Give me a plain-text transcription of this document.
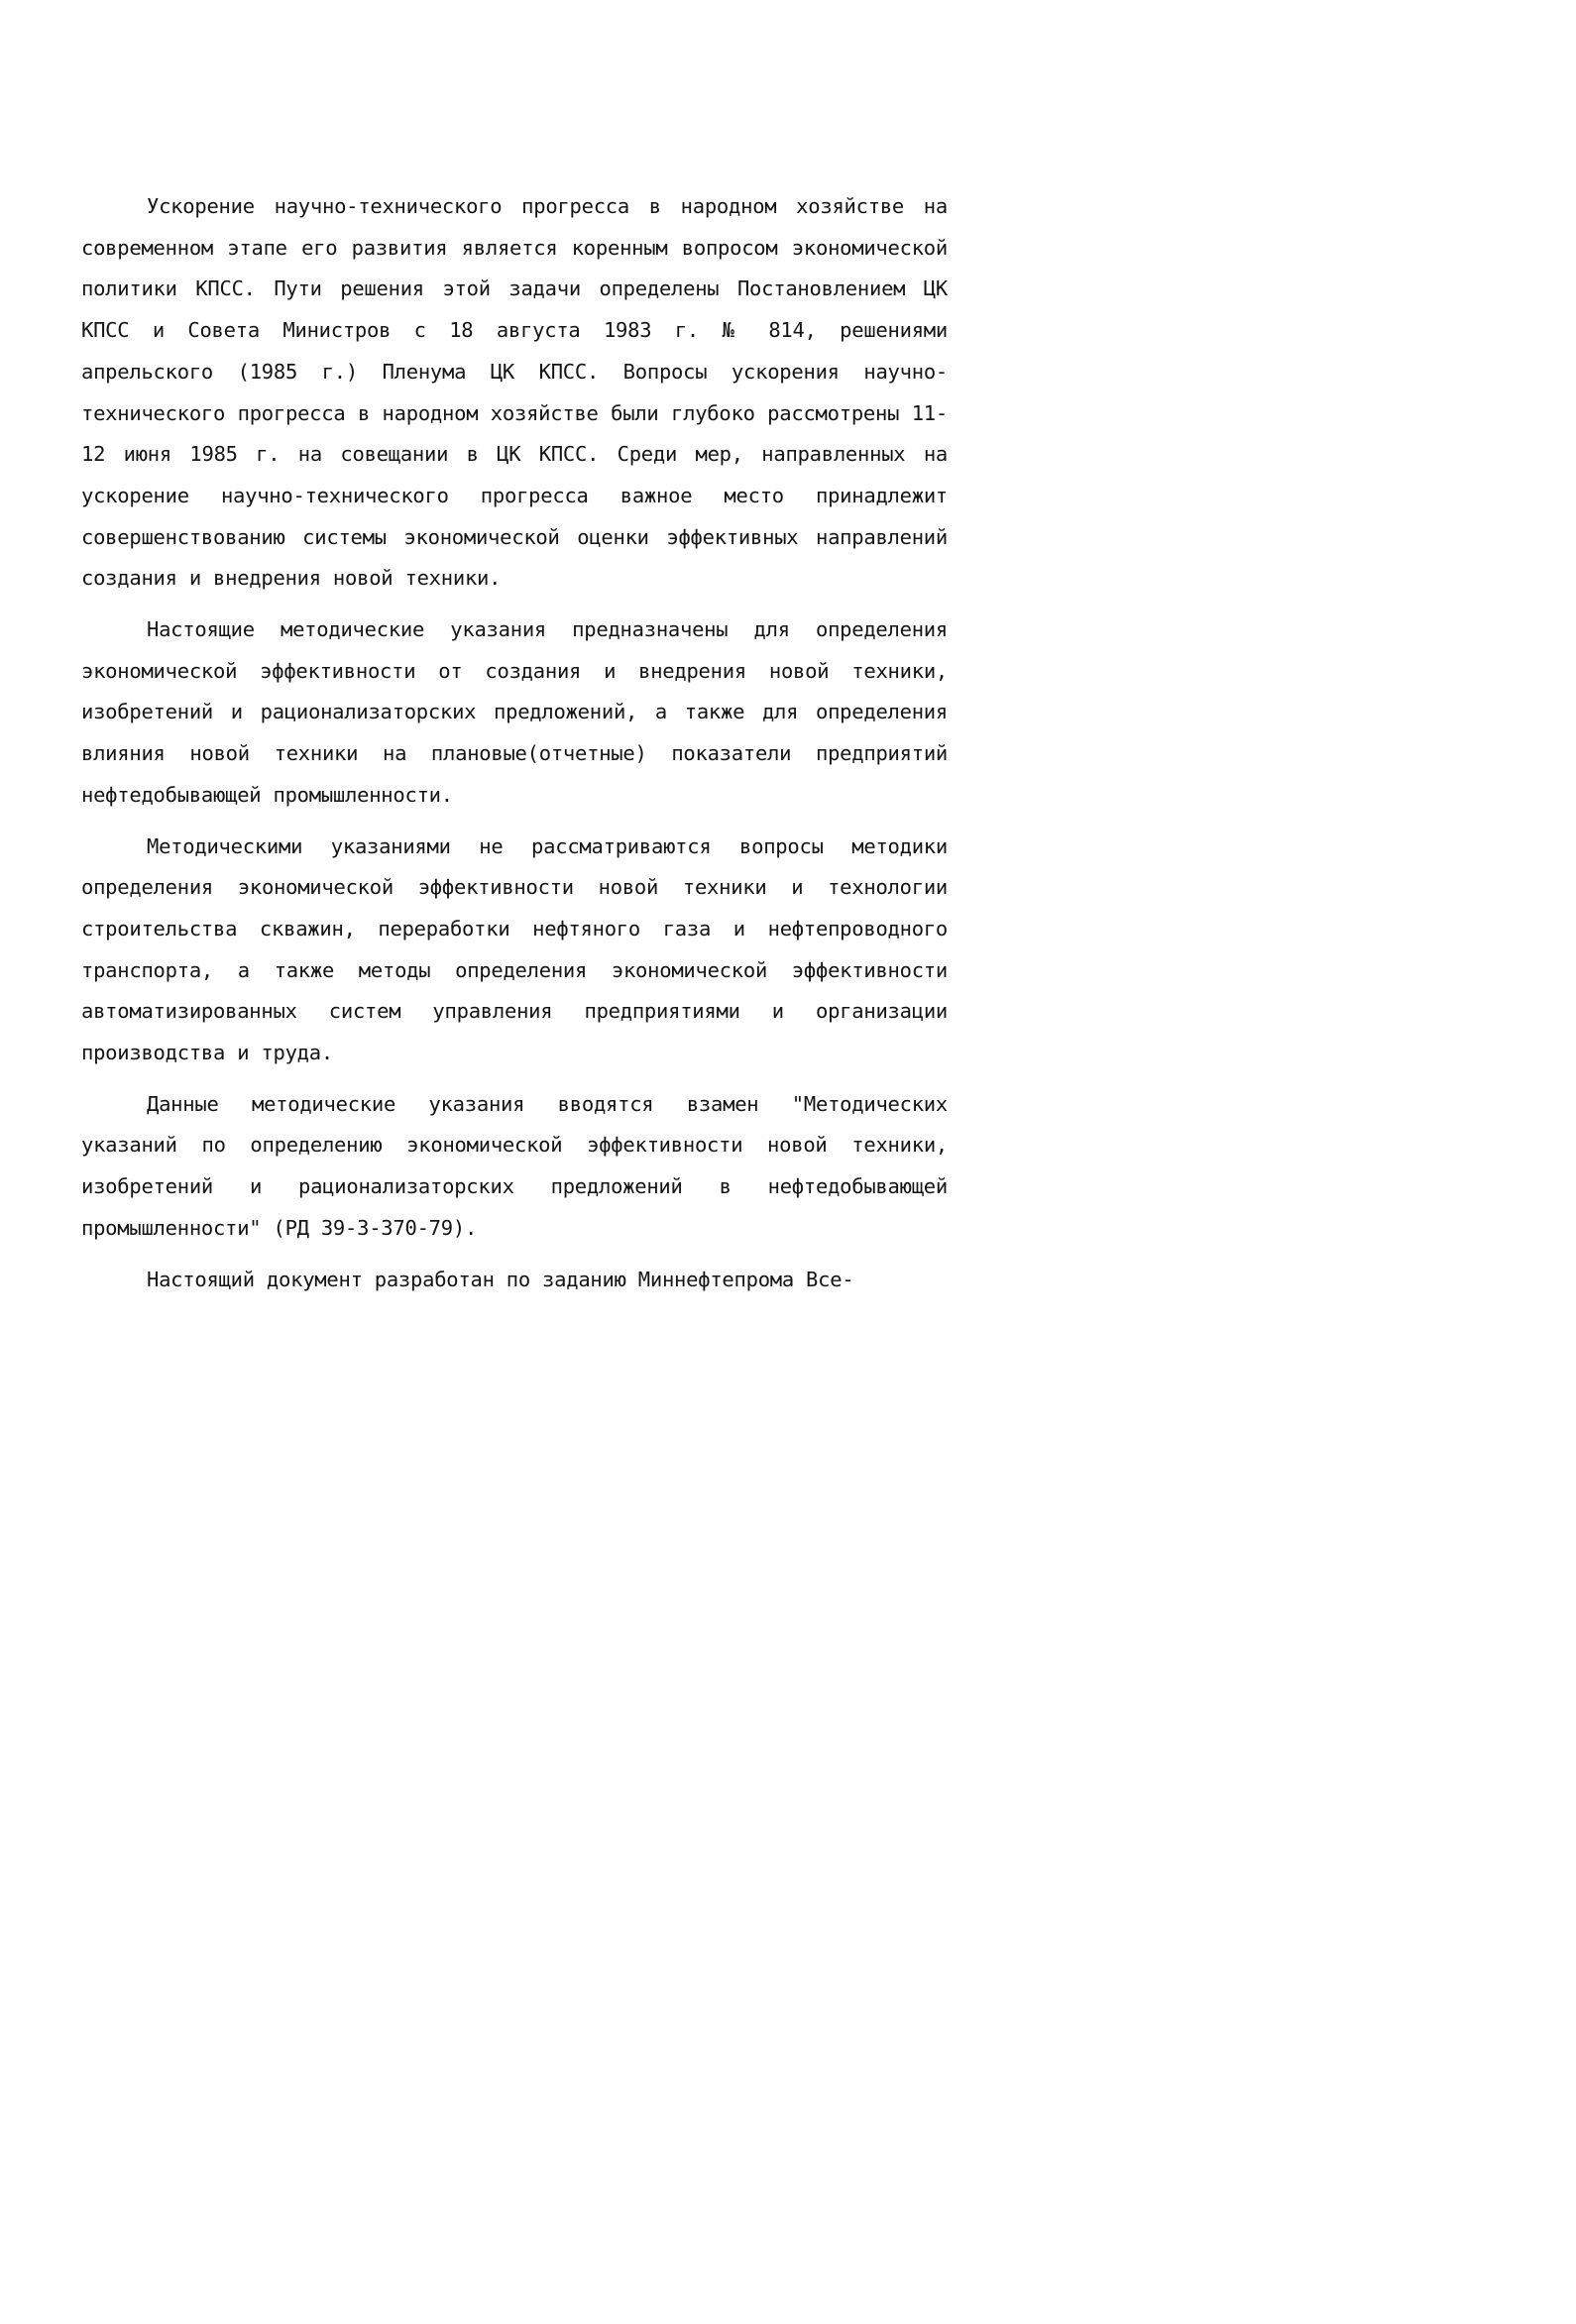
Ускорение научно-технического прогресса в народном хозяйстве на современном этапе его развития является коренным вопросом экономической политики КПСС. Пути решения этой задачи определены Постановлением ЦК КПСС и Совета Министров с 18 августа 1983 г. № 814, решениями апрельского (1985 г.) Пленума ЦК КПСС. Вопросы ускорения научно-технического прогресса в народном хозяйстве были глубоко рассмотрены 11-12 июня 1985 г. на совещании в ЦК КПСС. Среди мер, направленных на ускорение научно-технического прогресса важное место принадлежит совершенствованию системы экономической оценки эффективных направлений создания и внедрения новой техники.

Настоящие методические указания предназначены для определения экономической эффективности от создания и внедрения новой техники, изобретений и рационализаторских предложений, а также для определения влияния новой техники на плановые(отчетные) показатели предприятий нефтедобывающей промышленности.

Методическими указаниями не рассматриваются вопросы методики определения экономической эффективности новой техники и технологии строительства скважин, переработки нефтяного газа и нефтепроводного транспорта, а также методы определения экономической эффективности автоматизированных систем управления предприятиями и организации производства и труда.

Данные методические указания вводятся взамен "Методических указаний по определению экономической эффективности новой техники, изобретений и рационализаторских предложений в нефтедобывающей промышленности" (РД 39-3-370-79).

Настоящий документ разработан по заданию Миннефтепрома Все-
